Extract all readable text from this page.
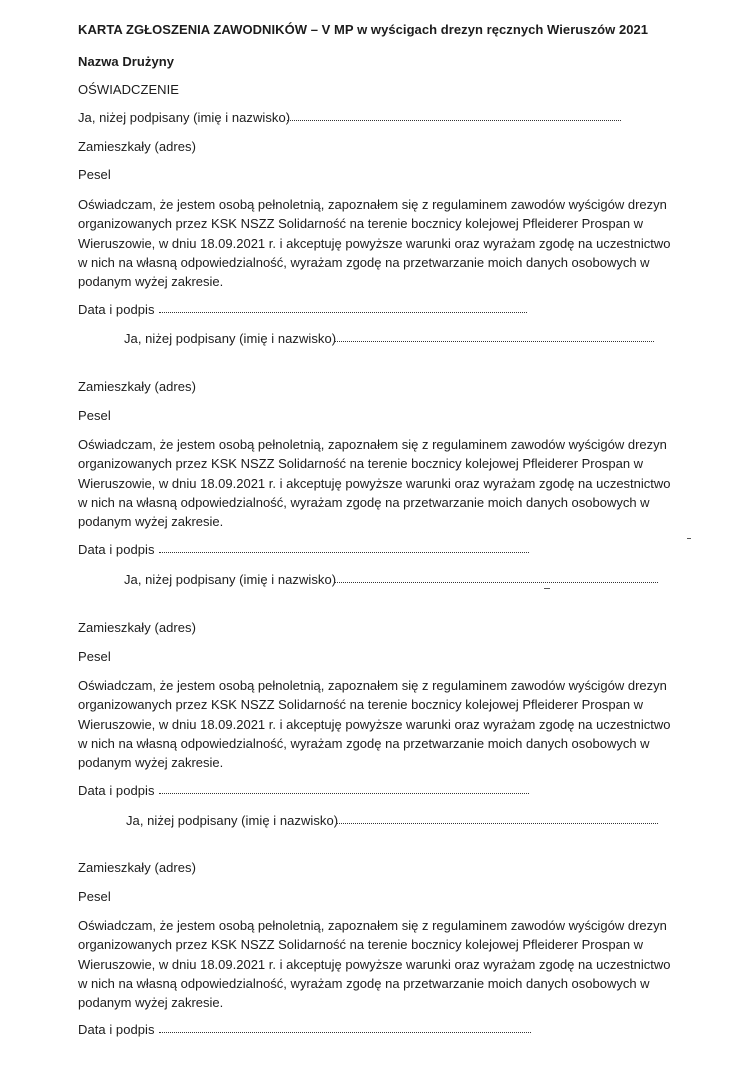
KARTA ZGŁOSZENIA ZAWODNIKÓW – V MP w wyścigach drezyn ręcznych Wieruszów 2021
Nazwa Drużyny
OŚWIADCZENIE
Ja, niżej podpisany (imię i nazwisko)
Zamieszkały (adres)
Pesel
Oświadczam, że jestem osobą pełnoletnią, zapoznałem się z regulaminem zawodów wyścigów drezyn
organizowanych przez KSK NSZZ Solidarność na terenie bocznicy kolejowej Pfleiderer Prospan w
Wieruszowie, w dniu 18.09.2021 r. i akceptuję powyższe warunki oraz wyrażam zgodę na uczestnictwo
w nich na własną odpowiedzialność, wyrażam zgodę na przetwarzanie moich danych osobowych w
podanym wyżej zakresie.
Data i podpis
Ja, niżej podpisany (imię i nazwisko)
Zamieszkały (adres)
Pesel
Oświadczam, że jestem osobą pełnoletnią, zapoznałem się z regulaminem zawodów wyścigów drezyn
organizowanych przez KSK NSZZ Solidarność na terenie bocznicy kolejowej Pfleiderer Prospan w
Wieruszowie, w dniu 18.09.2021 r. i akceptuję powyższe warunki oraz wyrażam zgodę na uczestnictwo
w nich na własną odpowiedzialność, wyrażam zgodę na przetwarzanie moich danych osobowych w
podanym wyżej zakresie.
Data i podpis
Ja, niżej podpisany (imię i nazwisko)
Zamieszkały (adres)
Pesel
Oświadczam, że jestem osobą pełnoletnią, zapoznałem się z regulaminem zawodów wyścigów drezyn
organizowanych przez KSK NSZZ Solidarność na terenie bocznicy kolejowej Pfleiderer Prospan w
Wieruszowie, w dniu 18.09.2021 r. i akceptuję powyższe warunki oraz wyrażam zgodę na uczestnictwo
w nich na własną odpowiedzialność, wyrażam zgodę na przetwarzanie moich danych osobowych w
podanym wyżej zakresie.
Data i podpis
Ja, niżej podpisany (imię i nazwisko)
Zamieszkały (adres)
Pesel
Oświadczam, że jestem osobą pełnoletnią, zapoznałem się z regulaminem zawodów wyścigów drezyn
organizowanych przez KSK NSZZ Solidarność na terenie bocznicy kolejowej Pfleiderer Prospan w
Wieruszowie, w dniu 18.09.2021 r. i akceptuję powyższe warunki oraz wyrażam zgodę na uczestnictwo
w nich na własną odpowiedzialność, wyrażam zgodę na przetwarzanie moich danych osobowych w
podanym wyżej zakresie.
Data i podpis
